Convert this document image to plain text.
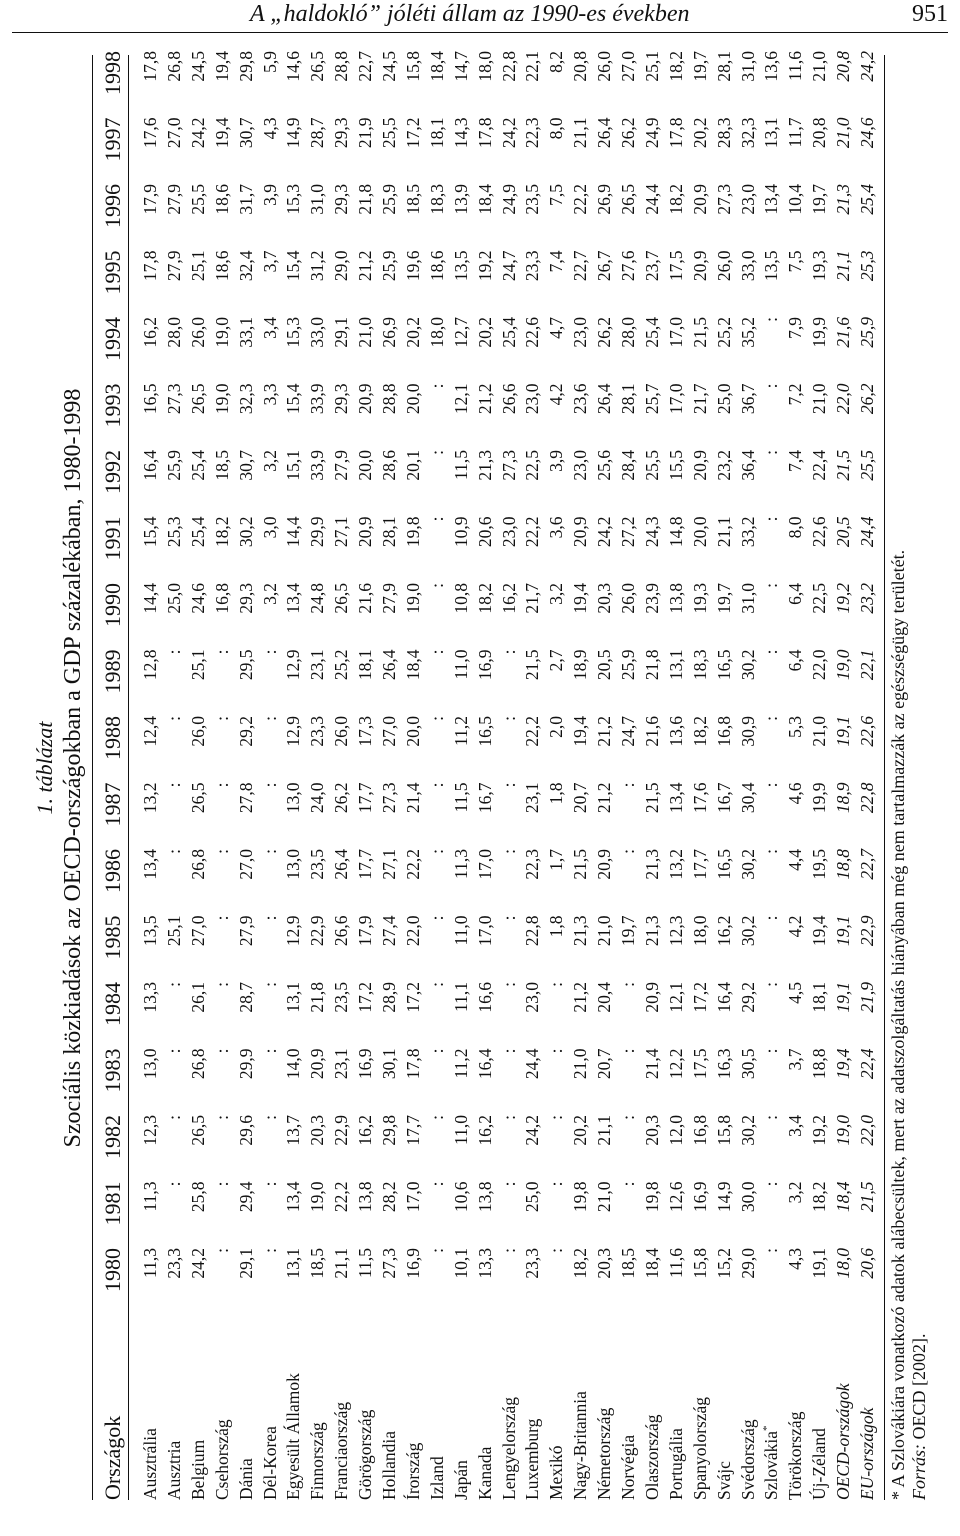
A „haldokló” jóléti állam az 1990-es években	951
1. táblázat Szociális közkiadások az OECD-országokban a GDP százalékában, 1980-1998
Országok
1980
1981
1982
1983
1984
1985
1986
1987
1988
1989
1990
1991
1992
1993
1994
1995
1996
1997
1998
Ausztrália
11,3
11,3
12,3
13,0
13,3
13,5
13,4
13,2
12,4
12,8
14,4
15,4
16,4
16,5
16,2
17,8
17,9
17,6
17,8
Ausztria
23,3
:
:
:
:
25,1
:
:
:
:
25,0
25,3
25,9
27,3
28,0
27,9
27,9
27,0
26,8
Belgium
24,2
25,8
26,5
26,8
26,1
27,0
26,8
26,5
26,0
25,1
24,6
25,4
25,4
26,5
26,0
25,1
25,5
24,2
24,5
Csehország
:
:
:
:
:
:
:
:
:
:
16,8
18,2
18,5
19,0
19,0
18,6
18,6
19,4
19,4
Dánia
29,1
29,4
29,6
29,9
28,7
27,9
27,0
27,8
29,2
29,5
29,3
30,2
30,7
32,3
33,1
32,4
31,7
30,7
29,8
Dél-Korea
:
:
:
:
:
:
:
:
:
:
3,2
3,0
3,2
3,3
3,4
3,7
3,9
4,3
5,9
Egyesült Államok
13,1
13,4
13,7
14,0
13,1
12,9
13,0
13,0
12,9
12,9
13,4
14,4
15,1
15,4
15,3
15,4
15,3
14,9
14,6
Finnország
18,5
19,0
20,3
20,9
21,8
22,9
23,5
24,0
23,3
23,1
24,8
29,9
33,9
33,9
33,0
31,2
31,0
28,7
26,5
Franciaország
21,1
22,2
22,9
23,1
23,5
26,6
26,4
26,2
26,0
25,2
26,5
27,1
27,9
29,3
29,1
29,0
29,3
29,3
28,8
Görögország
11,5
13,8
16,2
16,9
17,2
17,9
17,7
17,7
17,3
18,1
21,6
20,9
20,0
20,9
21,0
21,2
21,8
21,9
22,7
Hollandia
27,3
28,2
29,8
30,1
28,9
27,4
27,1
27,3
27,0
26,4
27,9
28,1
28,6
28,8
26,9
25,9
25,9
25,5
24,5
Írország
16,9
17,0
17,7
17,8
17,2
22,0
22,2
21,4
20,0
18,4
19,0
19,8
20,1
20,0
20,2
19,6
18,5
17,2
15,8
Izland
:
:
:
:
:
:
:
:
:
:
:
:
:
:
18,0
18,6
18,3
18,1
18,4
Japán
10,1
10,6
11,0
11,2
11,1
11,0
11,3
11,5
11,2
11,0
10,8
10,9
11,5
12,1
12,7
13,5
13,9
14,3
14,7
Kanada
13,3
13,8
16,2
16,4
16,6
17,0
17,0
16,7
16,5
16,9
18,2
20,6
21,3
21,2
20,2
19,2
18,4
17,8
18,0
Lengyelország
:
:
:
:
:
:
:
:
:
:
16,2
23,0
27,3
26,6
25,4
24,7
24,9
24,2
22,8
Luxemburg
23,3
25,0
24,2
24,4
23,0
22,8
22,3
23,1
22,2
21,5
21,7
22,2
22,5
23,0
22,6
23,3
23,5
22,3
22,1
Mexikó
:
:
:
:
:
1,8
1,7
1,8
2,0
2,7
3,2
3,6
3,9
4,2
4,7
7,4
7,5
8,0
8,2
Nagy-Britannia
18,2
19,8
20,2
21,0
21,2
21,3
21,5
20,7
19,4
18,9
19,4
20,9
23,0
23,6
23,0
22,7
22,2
21,1
20,8
Németország
20,3
21,0
21,1
20,7
20,4
21,0
20,9
21,2
21,2
20,5
20,3
24,2
25,6
26,4
26,2
26,7
26,9
26,4
26,0
Norvégia
18,5
:
:
:
:
19,7
:
:
24,7
25,9
26,0
27,2
28,4
28,1
28,0
27,6
26,5
26,2
27,0
Olaszország
18,4
19,8
20,3
21,4
20,9
21,3
21,3
21,5
21,6
21,8
23,9
24,3
25,5
25,7
25,4
23,7
24,4
24,9
25,1
Portugália
11,6
12,6
12,0
12,2
12,1
12,3
13,2
13,4
13,6
13,1
13,8
14,8
15,5
17,0
17,0
17,5
18,2
17,8
18,2
Spanyolország
15,8
16,9
16,8
17,5
17,2
18,0
17,7
17,6
18,2
18,3
19,3
20,0
20,9
21,7
21,5
20,9
20,9
20,2
19,7
Svájc
15,2
14,9
15,8
16,3
16,4
16,2
16,5
16,7
16,8
16,5
19,7
21,1
23,2
25,0
25,2
26,0
27,3
28,3
28,1
Svédország
29,0
30,0
30,2
30,5
29,2
30,2
30,2
30,4
30,9
30,2
31,0
33,2
36,4
36,7
35,2
33,0
23,0
32,3
31,0
Szlovákia*
:
:
:
:
:
:
:
:
:
:
:
:
:
:
:
13,5
13,4
13,1
13,6
Törökország
4,3
3,2
3,4
3,7
4,5
4,2
4,4
4,6
5,3
6,4
6,4
8,0
7,4
7,2
7,9
7,5
10,4
11,7
11,6
Új-Zéland
19,1
18,2
19,2
18,8
18,1
19,4
19,5
19,9
21,0
22,0
22,5
22,6
22,4
21,0
19,9
19,3
19,7
20,8
21,0
OECD-országok
18,0
18,4
19,0
19,4
19,1
19,1
18,8
18,9
19,1
19,0
19,2
20,5
21,5
22,0
21,6
21,1
21,3
21,0
20,8
EU-országok
20,6
21,5
22,0
22,4
21,9
22,9
22,7
22,8
22,6
22,1
23,2
24,4
25,5
26,2
25,9
25,3
25,4
24,6
24,2
* A Szlovákiára vonatkozó adatok alábecsültek, mert az adatszolgáltatás hiányában még nem tartalmazzák az egészségügy területét. Forrás: OECD [2002].
